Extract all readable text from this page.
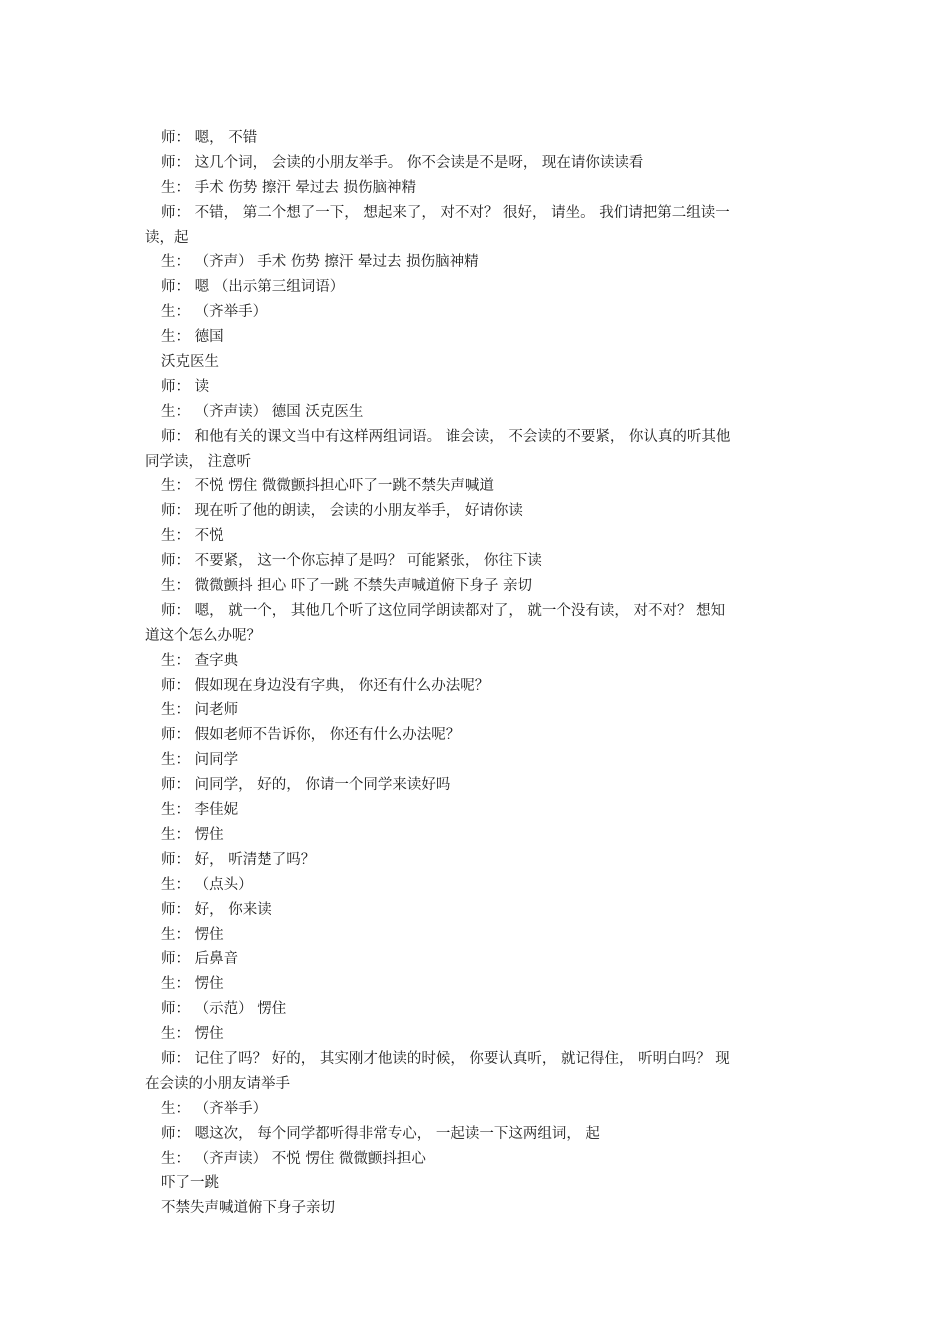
师： 嗯， 不错
师： 这几个词， 会读的小朋友举手。 你不会读是不是呀， 现在请你读读看
生： 手术 伤势 擦汗 晕过去 损伤脑神精
师： 不错， 第二个想了一下， 想起来了， 对不对？ 很好， 请坐。 我们请把第二组读一
读，起
生： （齐声） 手术 伤势 擦汗 晕过去 损伤脑神精
师： 嗯 （出示第三组词语）
生： （齐举手）
生： 德国
沃克医生
师： 读
生： （齐声读） 德国 沃克医生
师： 和他有关的课文当中有这样两组词语。 谁会读， 不会读的不要紧， 你认真的听其他
同学读， 注意听
生： 不悦 愣住 微微颤抖担心吓了一跳不禁失声喊道
师： 现在听了他的朗读， 会读的小朋友举手， 好请你读
生： 不悦
师： 不要紧， 这一个你忘掉了是吗？ 可能紧张， 你往下读
生： 微微颤抖 担心 吓了一跳 不禁失声喊道俯下身子 亲切
师： 嗯， 就一个， 其他几个听了这位同学朗读都对了， 就一个没有读， 对不对？ 想知
道这个怎么办呢？
生： 查字典
师： 假如现在身边没有字典， 你还有什么办法呢？
生： 问老师
师： 假如老师不告诉你， 你还有什么办法呢？
生： 问同学
师： 问同学， 好的， 你请一个同学来读好吗
生： 李佳妮
生： 愣住
师： 好， 听清楚了吗？
生： （点头）
师： 好， 你来读
生： 愣住
师： 后鼻音
生： 愣住
师： （示范） 愣住
生： 愣住
师： 记住了吗？ 好的， 其实刚才他读的时候， 你要认真听， 就记得住， 听明白吗？ 现
在会读的小朋友请举手
生： （齐举手）
师： 嗯这次， 每个同学都听得非常专心， 一起读一下这两组词， 起
生： （齐声读） 不悦 愣住 微微颤抖担心
吓了一跳
不禁失声喊道俯下身子亲切
